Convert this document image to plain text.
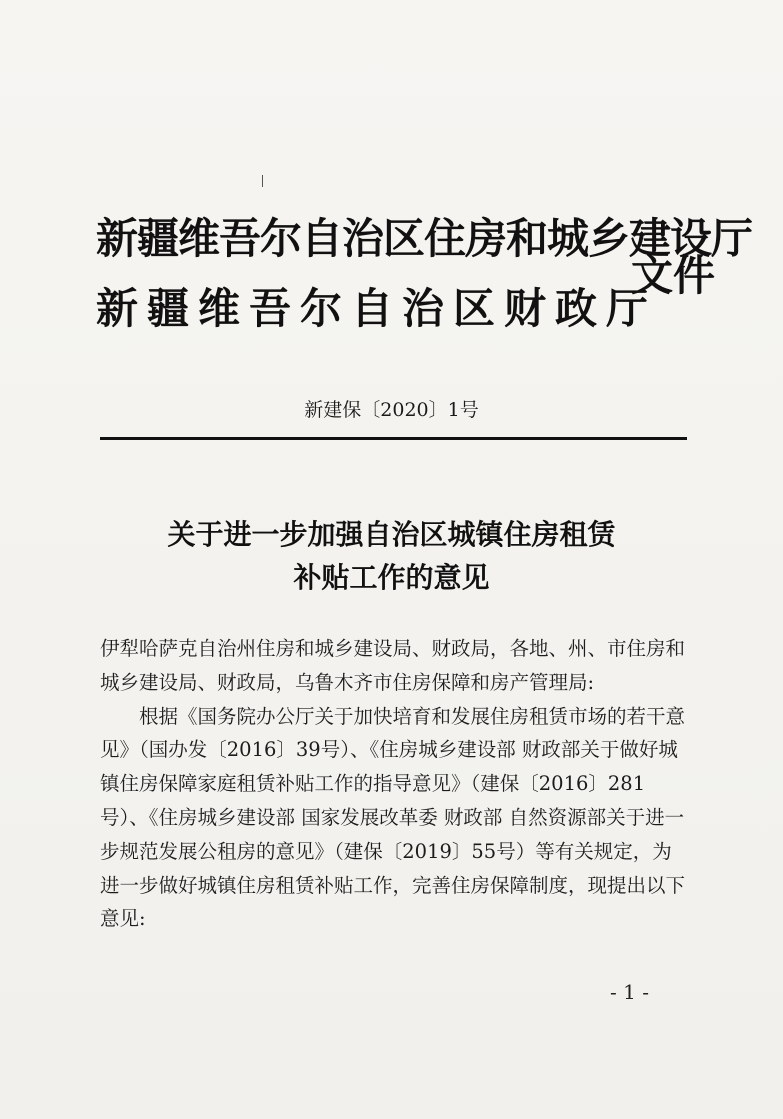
新疆维吾尔自治区住房和城乡建设厅
新疆维吾尔自治区财政厅
文件
新建保〔2020〕1号
关于进一步加强自治区城镇住房租赁
补贴工作的意见

伊犁哈萨克自治州住房和城乡建设局、财政局，各地、州、市住房和城乡建设局、财政局，乌鲁木齐市住房保障和房产管理局:

根据《国务院办公厅关于加快培育和发展住房租赁市场的若干意见》（国办发〔2016〕39号）、《住房城乡建设部 财政部关于做好城镇住房保障家庭租赁补贴工作的指导意见》（建保〔2016〕281号）、《住房城乡建设部 国家发展改革委 财政部 自然资源部关于进一步规范发展公租房的意见》（建保〔2019〕55号）等有关规定，为进一步做好城镇住房租赁补贴工作，完善住房保障制度，现提出以下意见:

- 1 -
